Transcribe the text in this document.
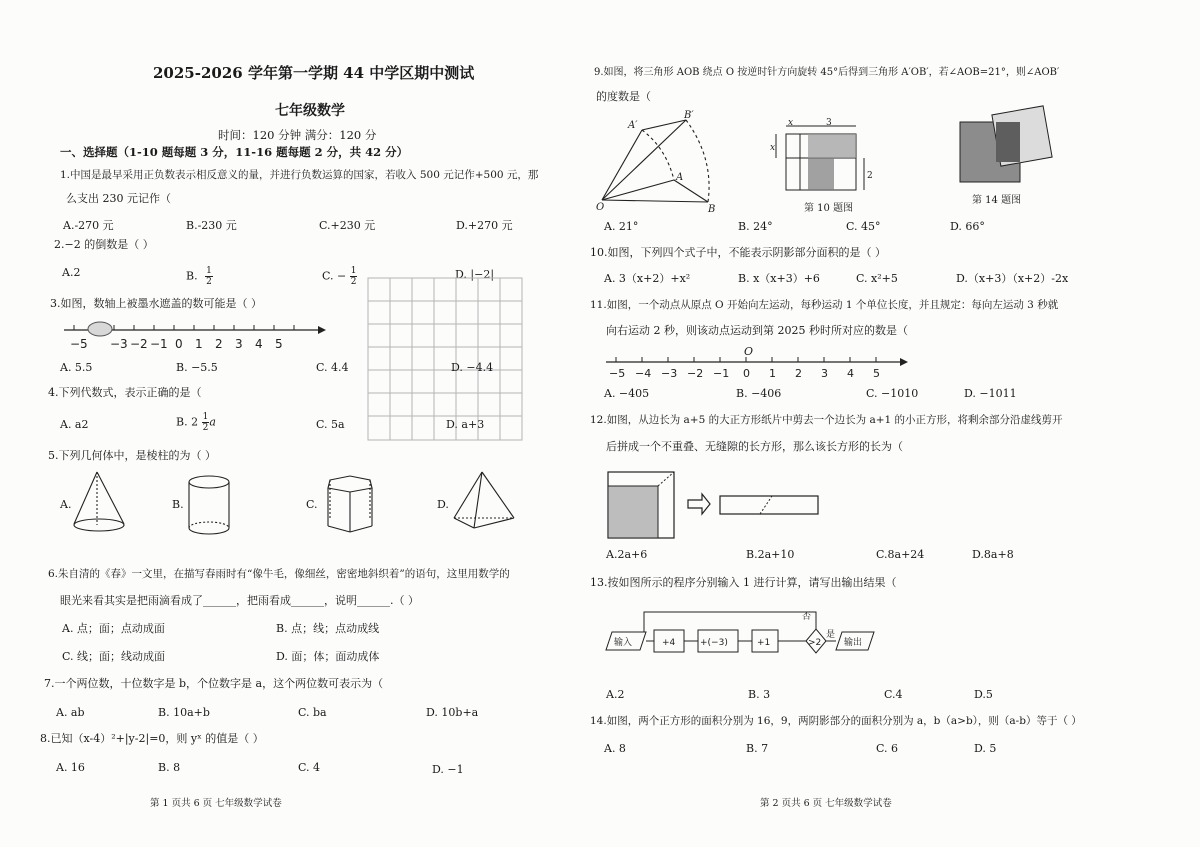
2025-2026 学年第一学期 44 中学区期中测试
七年级数学
时间：120 分钟 满分：120 分
一、选择题（1-10 题每题 3 分，11-16 题每题 2 分，共 42 分）
1.中国是最早采用正负数表示相反意义的量，并进行负数运算的国家，若收入 500 元记作+500 元，那
么支出 230 元记作（
A.-270 元	B.-230 元	C.+230 元	D.+270 元
2.−2 的倒数是（ ）
A.2	B. $\frac{1}{2}$	C. − $\frac{1}{2}$	D. |−2|
3.如图，数轴上被墨水遮盖的数可能是（ ）
−5 −3 −2 −1 0 1 2 3 4 5
A. 5.5	B. −5.5	C. 4.4	D. −4.4
4.下列代数式，表示正确的是（
A. a2	B. $2 \frac{1}{2}$ a	C. 5a	D. a+3
5.下列几何体中，是棱柱的为（ ）
A.	B.	C.	D.
6.朱自清的《春》一文里，在描写春雨时有“像牛毛，像细丝，密密地斜织着”的语句，这里用数学的
眼光来看其实是把雨滴看成了______，把雨看成______，说明______.（ ）
A. 点；面；点动成面	B. 点；线；点动成线
C. 线；面；线动成面	D. 面；体；面动成体
7.一个两位数，十位数字是 b，个位数字是 a，这个两位数可表示为（
A. ab	B. 10a+b	C. ba	D. 10b+a
8.已知（x-4）²+|y-2|=0，则 yˣ 的值是（ ）
A. 16	B. 8	C. 4	D. −1
第 1 页共 6 页 七年级数学试卷
9.如图，将三角形 AOB 绕点 O 按逆时针方向旋转 45°后得到三角形 A′OB′，若∠AOB=21°，则∠AOB′
的度数是（
A′
B′
A
O	B
x	3
x
2
第 10 题图
第 14 题图
A. 21°	B. 24°	C. 45°	D. 66°
10.如图，下列四个式子中，不能表示阴影部分面积的是（ ）
A. 3（x+2）+x²	B. x（x+3）+6	C. x²+5	D.（x+3）（x+2）-2x
11.如图，一个动点从原点 O 开始向左运动，每秒运动 1 个单位长度，并且规定：每向左运动 3 秒就
向右运动 2 秒，则该动点运动到第 2025 秒时所对应的数是（
O
−5 −4 −3 −2 −1 0 1 2 3 4 5
A. −405	B. −406	C. −1010	D. −1011
12.如图，从边长为 a+5 的大正方形纸片中剪去一个边长为 a+1 的小正方形，将剩余部分沿虚线剪开
后拼成一个不重叠、无缝隙的长方形，那么该长方形的长为（
A.2a+6	B.2a+10	C.8a+24	D.8a+8
13.按如图所示的程序分别输入 1 进行计算，请写出输出结果（
输入	+4	+(−3)	+1	>2	输出
否
是
A.2	B. 3	C.4	D.5
14.如图，两个正方形的面积分别为 16，9，两阴影部分的面积分别为 a，b（a>b），则（a-b）等于（ ）
A. 8	B. 7	C. 6	D. 5
第 2 页共 6 页 七年级数学试卷
